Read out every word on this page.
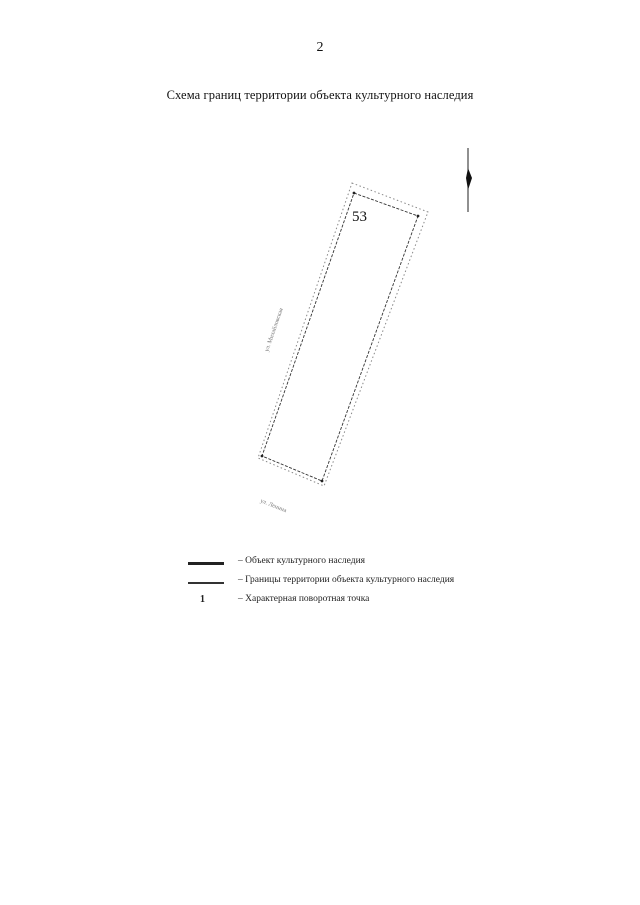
2
Схема границ территории объекта культурного наследия
53
ул. Михайловская
ул. Ленина
– Объект культурного наследия
– Границы территории объекта культурного наследия
1	– Характерная поворотная точка
